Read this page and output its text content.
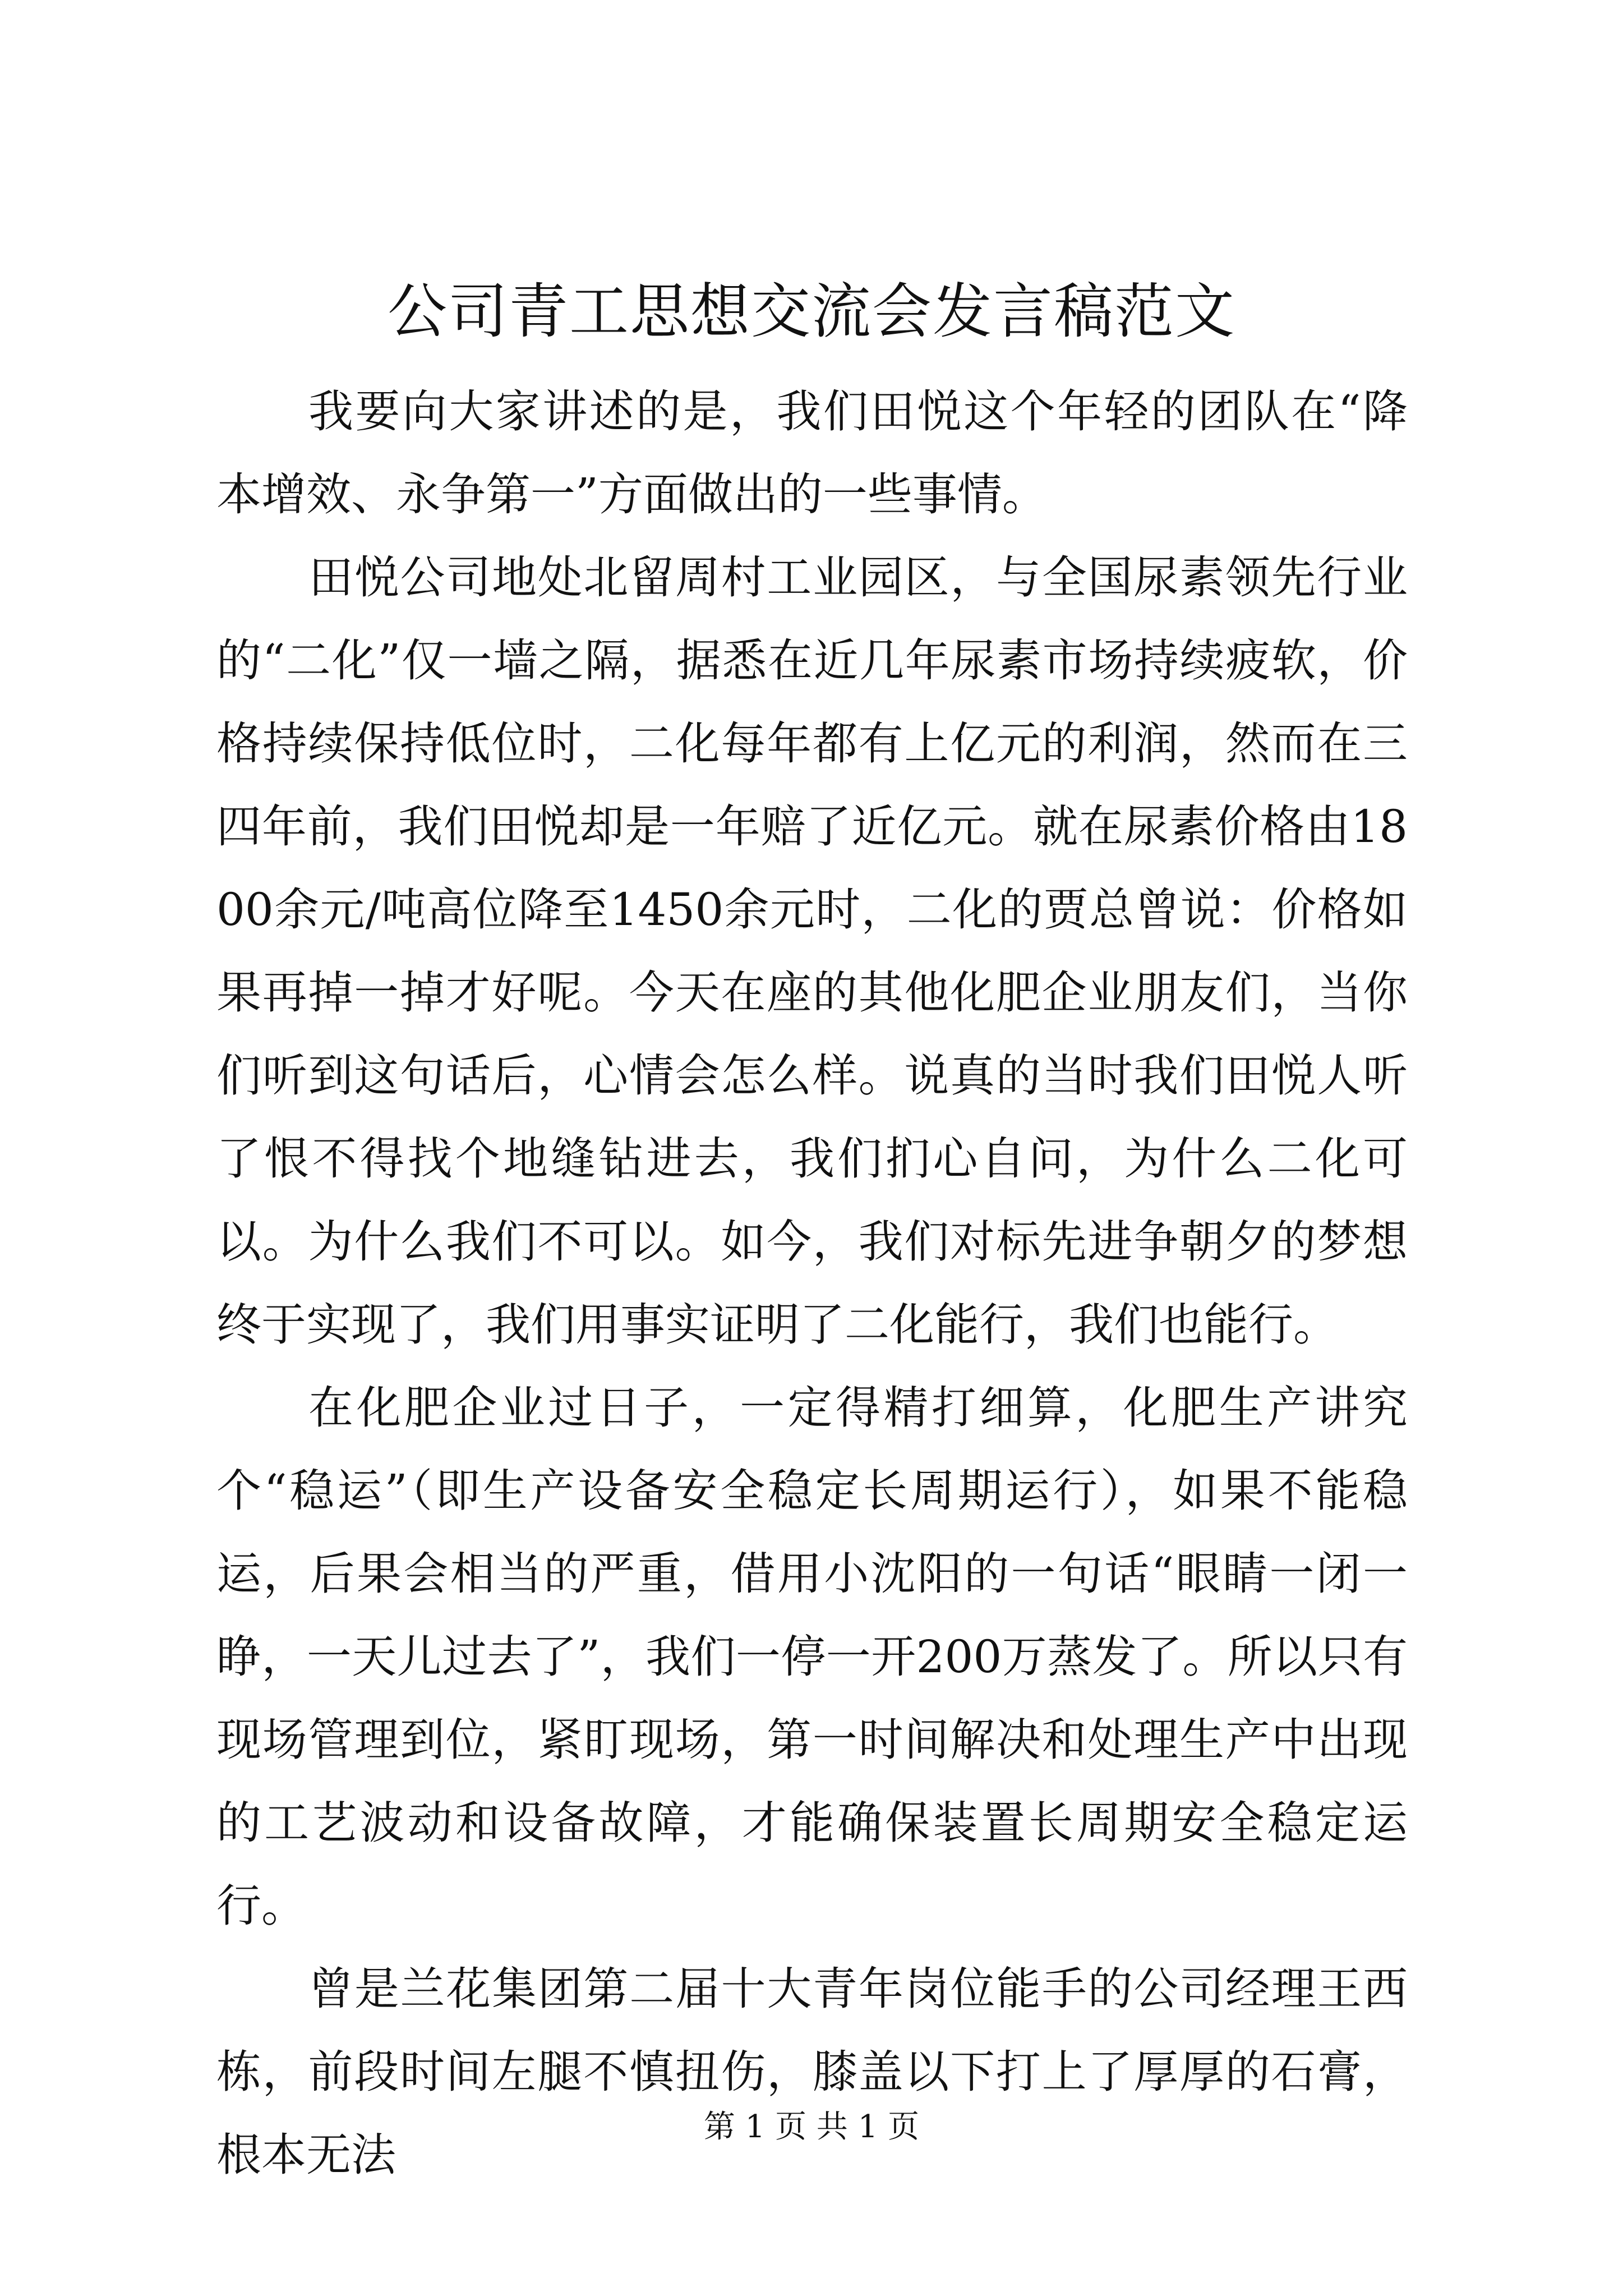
公司青工思想交流会发言稿范文

我要向大家讲述的是，我们田悦这个年轻的团队在“降本增效、永争第一”方面做出的一些事情。

田悦公司地处北留周村工业园区，与全国尿素领先行业的“二化”仅一墙之隔，据悉在近几年尿素市场持续疲软，价格持续保持低位时，二化每年都有上亿元的利润，然而在三四年前，我们田悦却是一年赔了近亿元。就在尿素价格由1800余元/吨高位降至1450余元时，二化的贾总曾说：价格如果再掉一掉才好呢。今天在座的其他化肥企业朋友们，当你们听到这句话后，心情会怎么样。说真的当时我们田悦人听了恨不得找个地缝钻进去，我们扪心自问，为什么二化可以。为什么我们不可以。如今，我们对标先进争朝夕的梦想终于实现了，我们用事实证明了二化能行，我们也能行。

在化肥企业过日子，一定得精打细算，化肥生产讲究个“稳运”（即生产设备安全稳定长周期运行），如果不能稳运，后果会相当的严重，借用小沈阳的一句话“眼睛一闭一睁，一天儿过去了”，我们一停一开200万蒸发了。所以只有现场管理到位，紧盯现场，第一时间解决和处理生产中出现的工艺波动和设备故障，才能确保装置长周期安全稳定运行。

曾是兰花集团第二届十大青年岗位能手的公司经理王西栋，前段时间左腿不慎扭伤，膝盖以下打上了厚厚的石膏，根本无法

第 1 页 共 1 页
